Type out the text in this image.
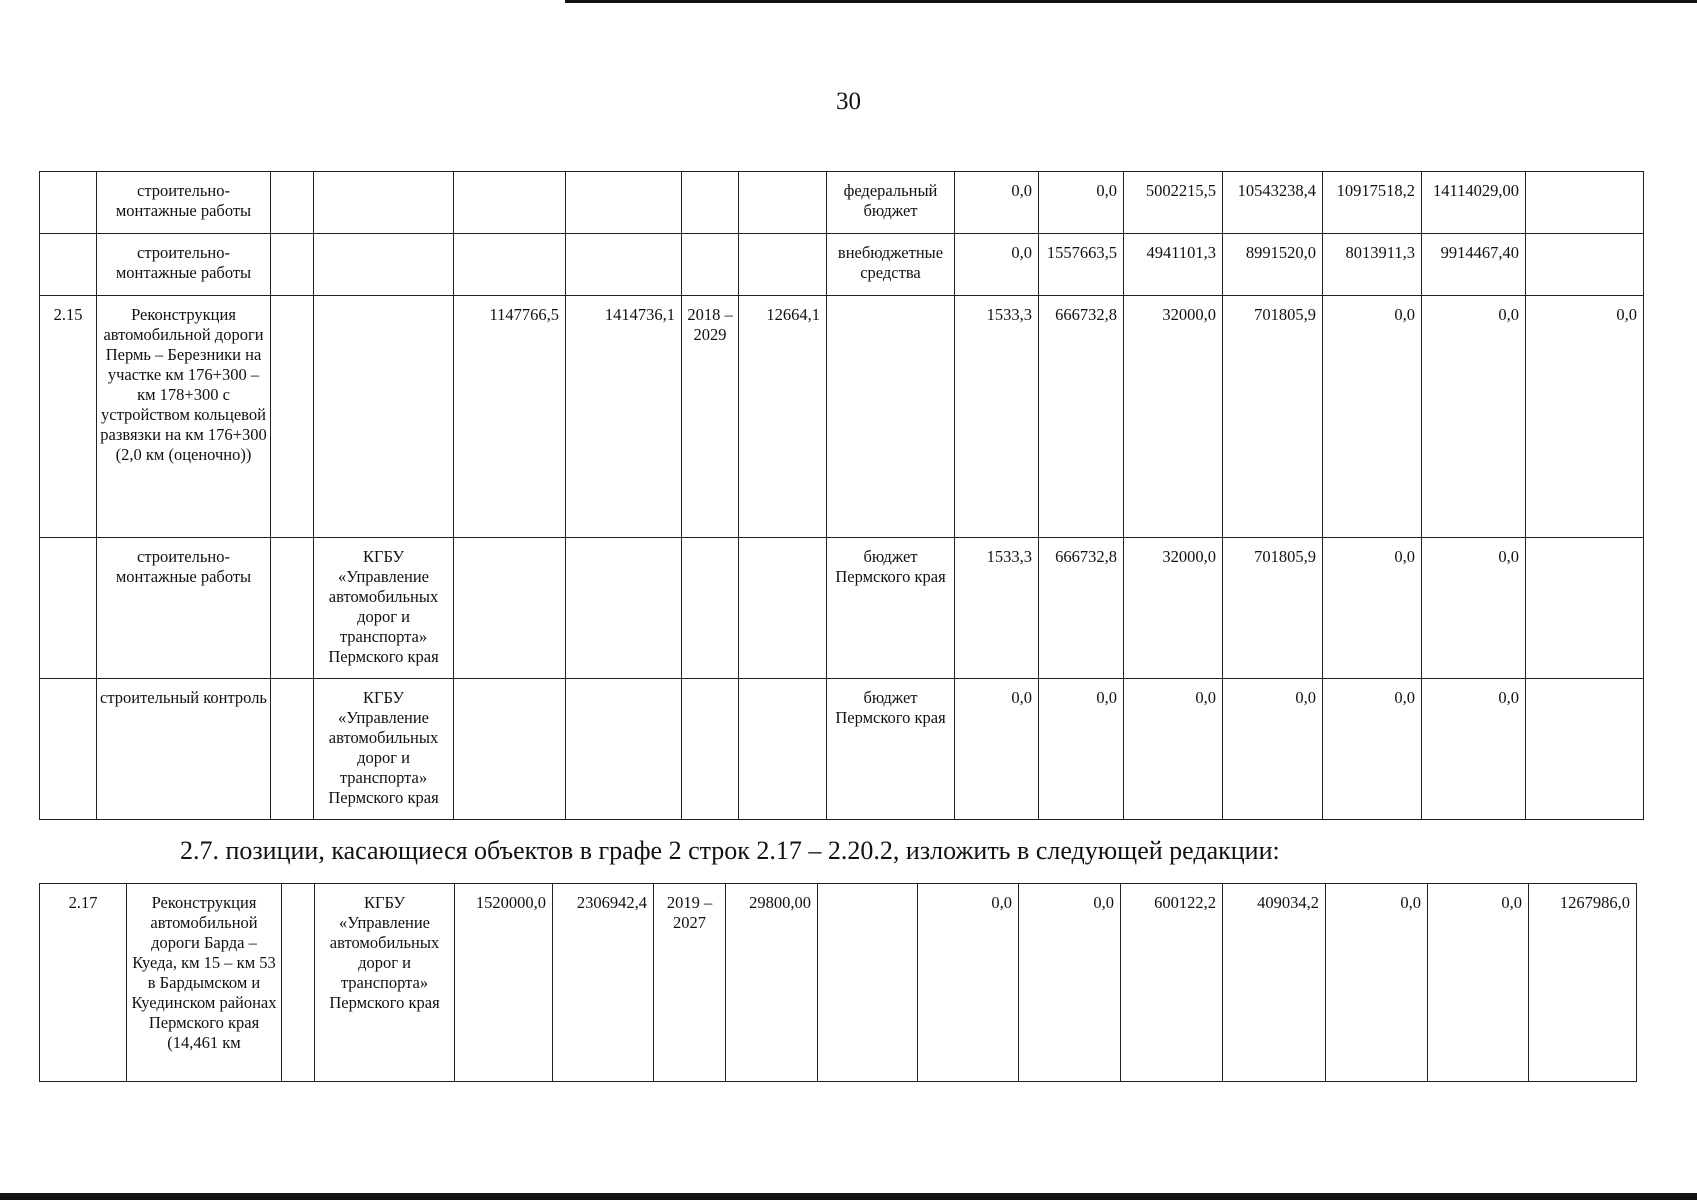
30
	строительно- монтажные работы							федеральный бюджет	0,0	0,0	5002215,5	10543238,4	10917518,2	14114029,00	
	строительно- монтажные работы							внебюджетные средства	0,0	1557663,5	4941101,3	8991520,0	8013911,3	9914467,40	
2.15	Реконструкция автомобильной дороги Пермь – Березники на участке км 176+300 – км 178+300 с устройством кольцевой развязки на км 176+300 (2,0 км (оценочно))			1147766,5	1414736,1	2018 – 2029	12664,1		1533,3	666732,8	32000,0	701805,9	0,0	0,0	0,0
	строительно- монтажные работы		КГБУ «Управление автомобильных дорог и транспорта» Пермского края					бюджет Пермского края	1533,3	666732,8	32000,0	701805,9	0,0	0,0	
	строительный контроль		КГБУ «Управление автомобильных дорог и транспорта» Пермского края					бюджет Пермского края	0,0	0,0	0,0	0,0	0,0	0,0	
2.7. позиции, касающиеся объектов в графе 2 строк 2.17 – 2.20.2, изложить в следующей редакции:
2.17	Реконструкция автомобильной дороги Барда – Куеда, км 15 – км 53 в Бардымском и Куединском районах Пермского края (14,461 км		КГБУ «Управление автомобильных дорог и транспорта» Пермского края	1520000,0	2306942,4	2019 – 2027	29800,00		0,0	0,0	600122,2	409034,2	0,0	0,0	1267986,0
